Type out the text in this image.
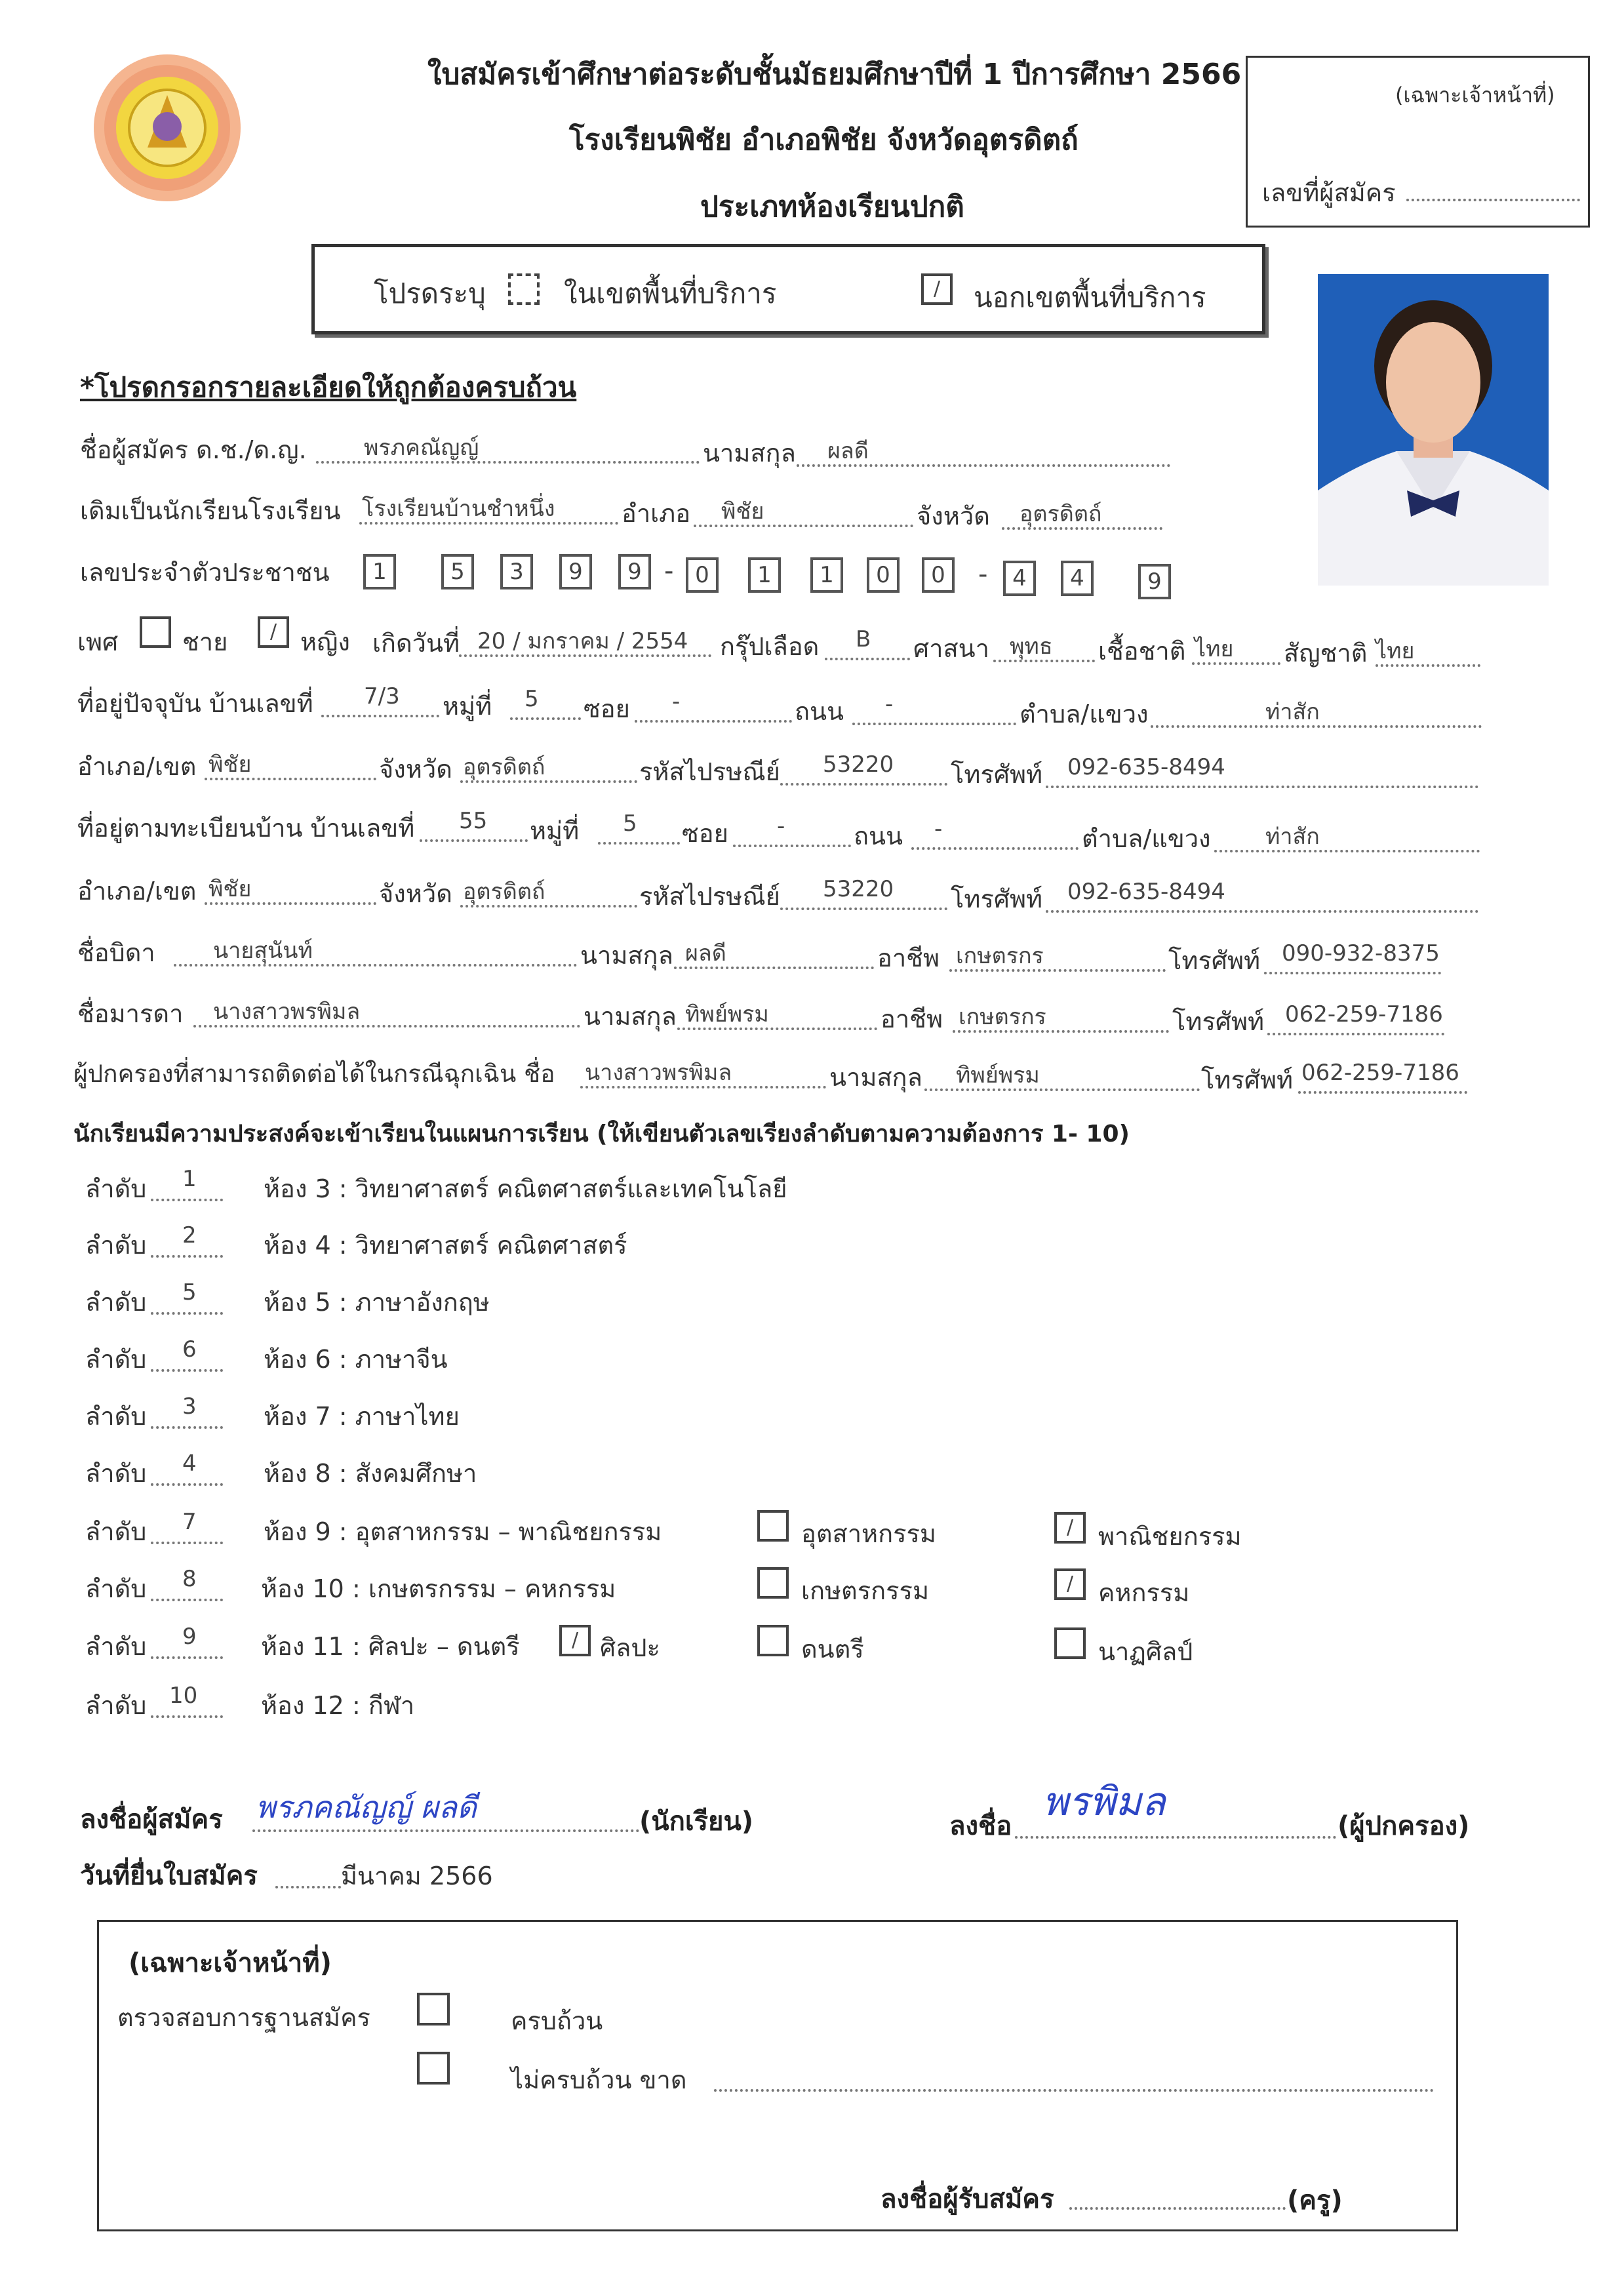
ใบสมัครเข้าศึกษาต่อระดับชั้นมัธยมศึกษาปีที่ 1 ปีการศึกษา 2566
โรงเรียนพิชัย อำเภอพิชัย จังหวัดอุตรดิตถ์
ประเภทห้องเรียนปกติ
(เฉพาะเจ้าหน้าที่)
เลขที่ผู้สมัคร
โปรดระบุ	ในเขตพื้นที่บริการ	/	นอกเขตพื้นที่บริการ
*โปรดกรอกรายละเอียดให้ถูกต้องครบถ้วน
ชื่อผู้สมัคร ด.ช./ด.ญ.	พรภคณัญญ์	นามสกุล ผลดี
เดิมเป็นนักเรียนโรงเรียน โรงเรียนบ้านชำหนึ่ง	อำเภอ พิชัย	จังหวัด อุตรดิตถ์
เลขประจำตัวประชาชน	1	5	3	9	9 - 0	1	1	0	0	-	4	4	9
เพศ	ชาย	/ หญิง เกิดวันที่ 20 / มกราคม / 2554 กรุ๊ปเลือด B ศาสนา พุทธ เชื้อชาติ ไทย สัญชาติ ไทย
ที่อยู่ปัจจุบัน บ้านเลขที่ 7/3 หมู่ที่ 5 ซอย -	ถนน -	ตำบล/แขวง	ท่าสัก
อำเภอ/เขต พิชัย	จังหวัด อุตรดิตถ์	รหัสไปรษณีย์ 53220 โทรศัพท์ 092-635-8494
ที่อยู่ตามทะเบียนบ้าน บ้านเลขที่ 55 หมู่ที่ 5 ซอย -	ถนน -	ตำบล/แขวง ท่าสัก
อำเภอ/เขต พิชัย	จังหวัด อุตรดิตถ์	รหัสไปรษณีย์ 53220 โทรศัพท์ 092-635-8494
ชื่อบิดา	นายสุนันท์	นามสกุล ผลดี	อาชีพ เกษตรกร	โทรศัพท์ 090-932-8375
ชื่อมารดา นางสาวพรพิมล	นามสกุล ทิพย์พรม	อาชีพ เกษตรกร	โทรศัพท์ 062-259-7186
ผู้ปกครองที่สามารถติดต่อได้ในกรณีฉุกเฉิน ชื่อ นางสาวพรพิมล	นามสกุล ทิพย์พรม	โทรศัพท์ 062-259-7186
นักเรียนมีความประสงค์จะเข้าเรียนในแผนการเรียน (ให้เขียนตัวเลขเรียงลำดับตามความต้องการ 1- 10)
ลำดับ 1	ห้อง 3 : วิทยาศาสตร์ คณิตศาสตร์และเทคโนโลยี
ลำดับ 2	ห้อง 4 : วิทยาศาสตร์ คณิตศาสตร์
ลำดับ 5	ห้อง 5 : ภาษาอังกฤษ
ลำดับ 6	ห้อง 6 : ภาษาจีน
ลำดับ 3	ห้อง 7 : ภาษาไทย
ลำดับ 4	ห้อง 8 : สังคมศึกษา
ลำดับ 7	ห้อง 9 : อุตสาหกรรม – พาณิชยกรรม	อุตสาหกรรม	/ พาณิชยกรรม
ลำดับ 8	ห้อง 10 : เกษตรกรรม – คหกรรม	เกษตรกรรม	/ คหกรรม
ลำดับ 9	ห้อง 11 : ศิลปะ – ดนตรี	/ ศิลปะ	ดนตรี	นาฏศิลป์
ลำดับ 10	ห้อง 12 : กีฬา
ลงชื่อผู้สมัคร พรภคณัญญ์ ผลดี	(นักเรียน)	ลงชื่อ
พรพิมล
(ผู้ปกครอง)
วันที่ยื่นใบสมัคร	มีนาคม 2566
(เฉพาะเจ้าหน้าที่)
ตรวจสอบการฐานสมัคร	ครบถ้วน
ไม่ครบถ้วน ขาด
ลงชื่อผู้รับสมัคร	(ครู)
